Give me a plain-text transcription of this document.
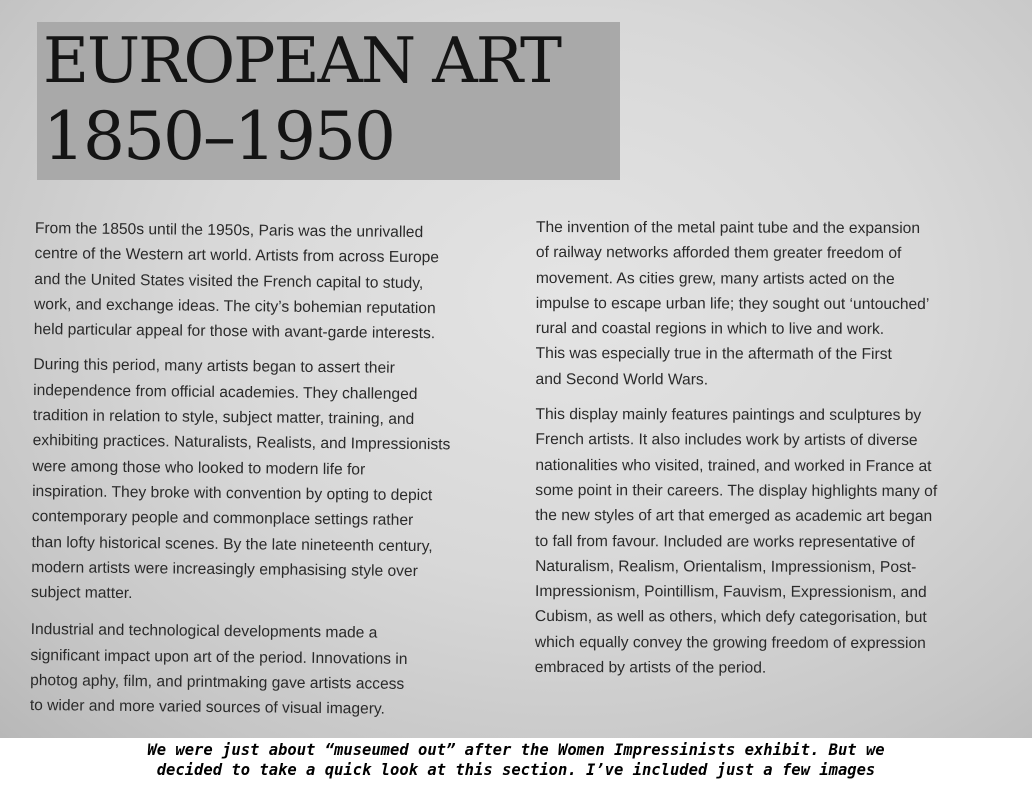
EUROPEAN ART
1850–1950

From the 1850s until the 1950s, Paris was the unrivalled
centre of the Western art world. Artists from across Europe
and the United States visited the French capital to study,
work, and exchange ideas. The city’s bohemian reputation
held particular appeal for those with avant-garde interests.

During this period, many artists began to assert their
independence from official academies. They challenged
tradition in relation to style, subject matter, training, and
exhibiting practices. Naturalists, Realists, and Impressionists
were among those who looked to modern life for
inspiration. They broke with convention by opting to depict
contemporary people and commonplace settings rather
than lofty historical scenes. By the late nineteenth century,
modern artists were increasingly emphasising style over
subject matter.

Industrial and technological developments made a
significant impact upon art of the period. Innovations in
photog aphy, film, and printmaking gave artists access
to wider and more varied sources of visual imagery.

The invention of the metal paint tube and the expansion
of railway networks afforded them greater freedom of
movement. As cities grew, many artists acted on the
impulse to escape urban life; they sought out ‘untouched’
rural and coastal regions in which to live and work.
This was especially true in the aftermath of the First
and Second World Wars.

This display mainly features paintings and sculptures by
French artists. It also includes work by artists of diverse
nationalities who visited, trained, and worked in France at
some point in their careers. The display highlights many of
the new styles of art that emerged as academic art began
to fall from favour. Included are works representative of
Naturalism, Realism, Orientalism, Impressionism, Post-
Impressionism, Pointillism, Fauvism, Expressionism, and
Cubism, as well as others, which defy categorisation, but
which equally convey the growing freedom of expression
embraced by artists of the period.

We were just about “museumed out” after the Women Impressinists exhibit. But we
decided to take a quick look at this section. I’ve included just a few images
